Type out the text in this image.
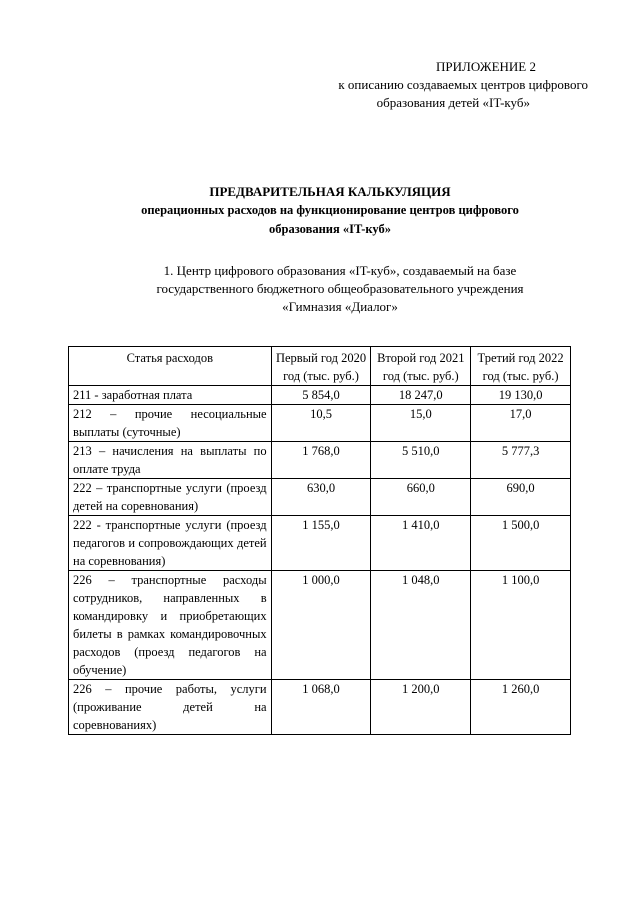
ПРИЛОЖЕНИЕ 2
к описанию создаваемых центров цифрового
образования детей «IT-куб»
ПРЕДВАРИТЕЛЬНАЯ КАЛЬКУЛЯЦИЯ
операционных расходов на функционирование центров цифрового
образования «IT-куб»
1. Центр цифрового образования «IT-куб», создаваемый на базе
государственного бюджетного общеобразовательного учреждения
«Гимназия «Диалог»
Статья расходов	Первый год 2020 год (тыс. руб.)	Второй год 2021 год (тыс. руб.)	Третий год 2022 год (тыс. руб.)
211 - заработная плата	5 854,0	18 247,0	19 130,0
212 – прочие несоциальные выплаты (суточные)	10,5	15,0	17,0
213 – начисления на выплаты по оплате труда	1 768,0	5 510,0	5 777,3
222 – транспортные услуги (проезд детей на соревнования)	630,0	660,0	690,0
222 - транспортные услуги (проезд педагогов и сопровождающих детей на соревнования)	1 155,0	1 410,0	1 500,0
226 – транспортные расходы сотрудников, направленных в командировку и приобретающих билеты в рамках командировочных расходов (проезд педагогов на обучение)	1 000,0	1 048,0	1 100,0
226 – прочие работы, услуги (проживание детей на соревнованиях)	1 068,0	1 200,0	1 260,0
